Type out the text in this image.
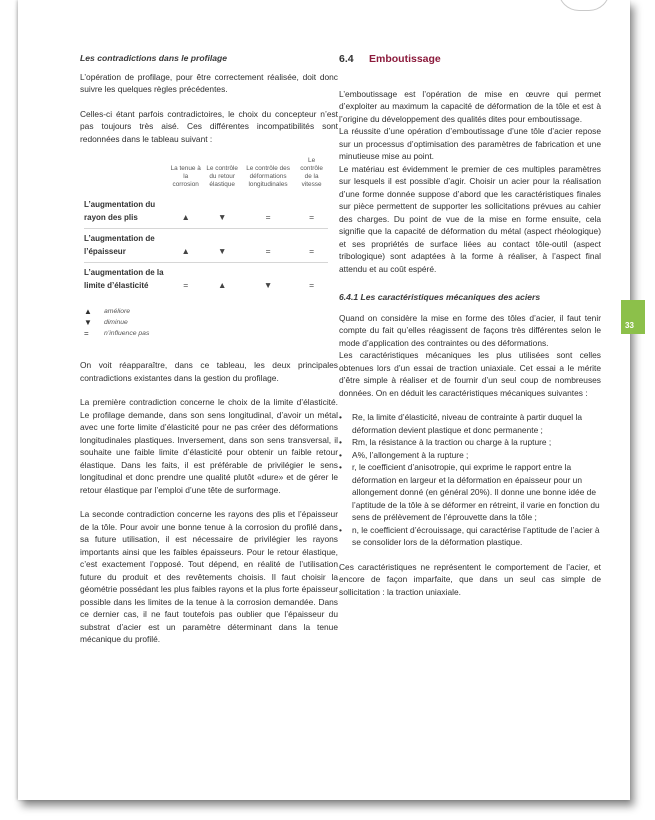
Les contradictions dans le profilage

L’opération de profilage, pour être correctement réalisée, doit donc suivre les quelques règles précédentes.

Celles-ci étant parfois contradictoires, le choix du concepteur n’est pas toujours très aisé. Ces différentes incompatibilités sont redonnées dans le tableau suivant :

	La tenue à la corrosion	Le contrôle du retour élastique	Le contrôle des déformations longitudinales	Le contrôle de la vitesse
L’augmentation du rayon des plis	▲	▼	=	=
L’augmentation de l’épaisseur	▲	▼	=	=
L’augmentation de la limite d’élasticité	=	▲	▼	=
▲	améliore
▼	diminue
=	n’influence pas

On voit réapparaître, dans ce tableau, les deux principales contradictions existantes dans la gestion du profilage.

La première contradiction concerne le choix de la limite d’élasticité. Le profilage demande, dans son sens longitudinal, d’avoir un métal avec une forte limite d’élasticité pour ne pas créer des déformations longitudinales plastiques. Inversement, dans son sens transversal, il souhaite une faible limite d’élasticité pour obtenir un faible retour élastique. Dans les faits, il est préférable de privilégier le sens longitudinal et donc prendre une qualité plutôt «dure» et de gérer le retour élastique par l’emploi d’une tête de surformage.

La seconde contradiction concerne les rayons des plis et l’épaisseur de la tôle. Pour avoir une bonne tenue à la corrosion du profilé dans sa future utilisation, il est nécessaire de privilégier les rayons importants ainsi que les faibles épaisseurs. Pour le retour élastique, c’est exactement l’opposé. Tout dépend, en réalité de l’utilisation future du produit et des revêtements choisis. Il faut choisir la géométrie possédant les plus faibles rayons et la plus forte épaisseur possible dans les limites de la tenue à la corrosion demandée. Dans ce dernier cas, il ne faut toutefois pas oublier que l’épaisseur du substrat d’acier est un paramètre déterminant dans la tenue mécanique du profilé.

6.4	Emboutissage

L’emboutissage est l’opération de mise en œuvre qui permet d’exploiter au maximum la capacité de déformation de la tôle et est à l’origine du développement des qualités dites pour emboutissage.

La réussite d’une opération d’emboutissage d’une tôle d’acier repose sur un processus d’optimisation des paramètres de fabrication et une minutieuse mise au point.

Le matériau est évidemment le premier de ces multiples paramètres sur lesquels il est possible d’agir. Choisir un acier pour la réalisation d’une forme donnée suppose d’abord que les caractéristiques finales sur pièce permettent de supporter les sollicitations prévues au cahier des charges. Du point de vue de la mise en forme ensuite, cela signifie que la capacité de déformation du métal (aspect rhéologique) et ses propriétés de surface liées au contact tôle-outil (aspect tribologique) sont adaptées à la forme à réaliser, à l’aspect final attendu et au coût espéré.

6.4.1 Les caractéristiques mécaniques des aciers

Quand on considère la mise en forme des tôles d’acier, il faut tenir compte du fait qu’elles réagissent de façons très différentes selon le mode d’application des contraintes ou des déformations.

Les caractéristiques mécaniques les plus utilisées sont celles obtenues lors d’un essai de traction uniaxiale. Cet essai a le mérite d’être simple à réaliser et de fournir d’un seul coup de nombreuses données. On en déduit les caractéristiques mécaniques suivantes :

• Re, la limite d’élasticité, niveau de contrainte à partir duquel la déformation devient plastique et donc permanente ;
• Rm, la résistance à la traction ou charge à la rupture ;
• A%, l’allongement à la rupture ;
• r, le coefficient d’anisotropie, qui exprime le rapport entre la déformation en largeur et la déformation en épaisseur pour un allongement donné (en général 20%). Il donne une bonne idée de l’aptitude de la tôle à se déformer en rétreint, il varie en fonction du sens de prélèvement de l’éprouvette dans la tôle ;
• n, le coefficient d’écrouissage, qui caractérise l’aptitude de l’acier à se consolider lors de la déformation plastique.

Ces caractéristiques ne représentent le comportement de l’acier, et encore de façon imparfaite, que dans un seul cas simple de sollicitation : la traction uniaxiale.

33
